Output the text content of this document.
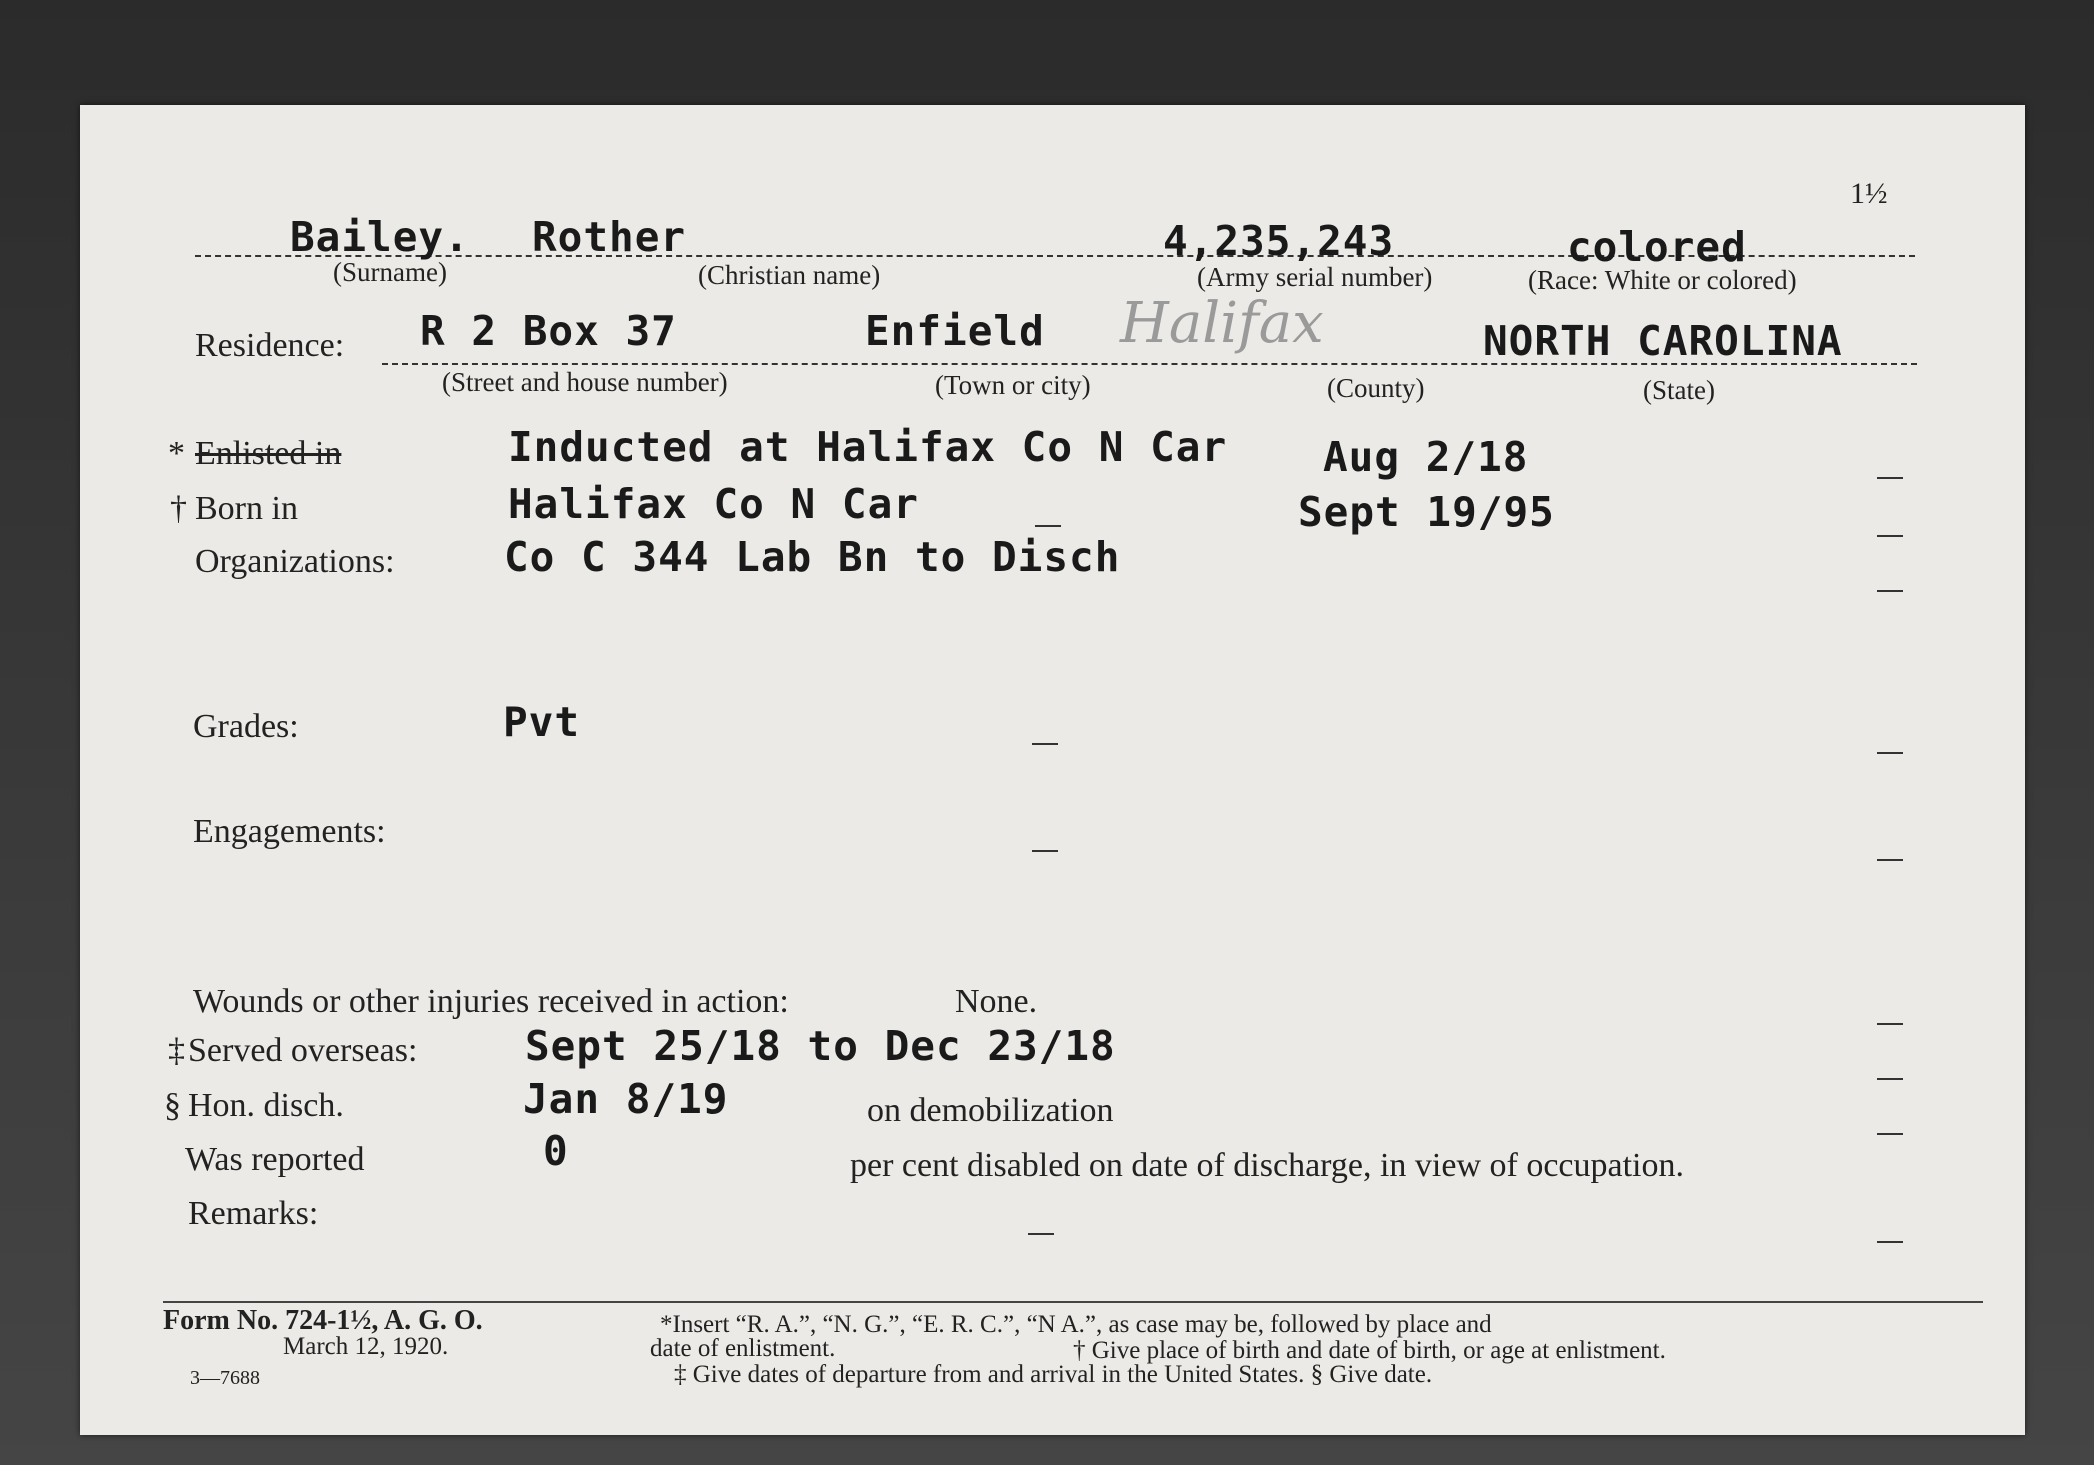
1½
Bailey. Rother	4,235,243	colored
(Surname)	(Christian name)	(Army serial number)	(Race: White or colored)
Residence: R 2 Box 37	Enfield Halifax	NORTH CAROLINA
(Street and house number)	(Town or city)	(County)	(State)
* Enlisted in	Inducted at Halifax Co N Car Aug 2/18
† Born in	Halifax Co N Car	Sept 19/95
Organizations:	Co C 344 Lab Bn to Disch
Grades:	Pvt
Engagements:
Wounds or other injuries received in action:	None.
‡ Served overseas:	Sept 25/18 to Dec 23/18
§ Hon. disch.	Jan 8/19	on demobilization
Was reported	0	per cent disabled on date of discharge, in view of occupation.
Remarks:
Form No. 724-1½, A. G. O.
March 12, 1920.
3—7688
*Insert “R. A.”, “N. G.”, “E. R. C.”, “N A.”, as case may be, followed by place and
date of enlistment.	† Give place of birth and date of birth, or age at enlistment.
‡ Give dates of departure from and arrival in the United States. § Give date.
